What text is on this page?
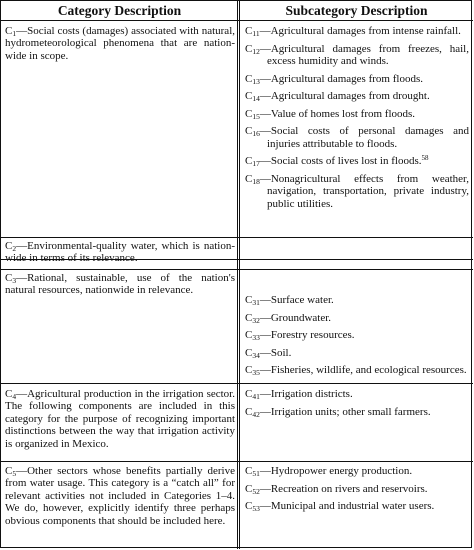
Category Description	Subcategory Description
$C_1—Social$ costs (damages) associated with natural, hydrometeorological phenomena that are nation-wide in scope.
$C_{11}—Agricultural$ damages from intense rainfall.
$C_{12}—Agricultural$ damages from freezes, hail, excess humidity and winds.
$C_{13}—Agricultural$ damages from floods.
$C_{14}—Agricultural$ damages from drought.
$C_{15}—Value$ of homes lost from floods.
$C_{16}—Social$ costs of personal damages and injuries attributable to floods.
$C_{17}—Social$ costs of lives lost in floods.$^{58}$
$C_{18}—Nonagricultural$ effects from weather, navigation, transportation, private industry, public utilities.
$C_2—Environmental$-quality water, which is nation-wide in terms of its relevance.
$C_3—Rational$, sustainable, use of the nation's natural resources, nationwide in relevance.
$C_{31}—Surface$ water.
$C_{32}—Groundwater$.
$C_{33}—Forestry$ resources.
$C_{34}—Soil$.
$C_{35}—Fisheries$, wildlife, and ecological resources.
$C_4—Agricultural$ production in the irrigation sector. The following components are included in this category for the purpose of recognizing important distinctions between the way that irrigation activity is organized in Mexico.
$C_{41}—Irrigation$ districts.
$C_{42}—Irrigation$ units; other small farmers.
$C_5—Other$ sectors whose benefits partially derive from water usage. This category is a “catch all” for relevant activities not included in Categories 1–4. We do, however, explicitly identify three perhaps obvious components that should be included here.
$C_{51}—Hydropower$ energy production.
$C_{52}—Recreation$ on rivers and reservoirs.
$C_{53}—Municipal$ and industrial water users.
